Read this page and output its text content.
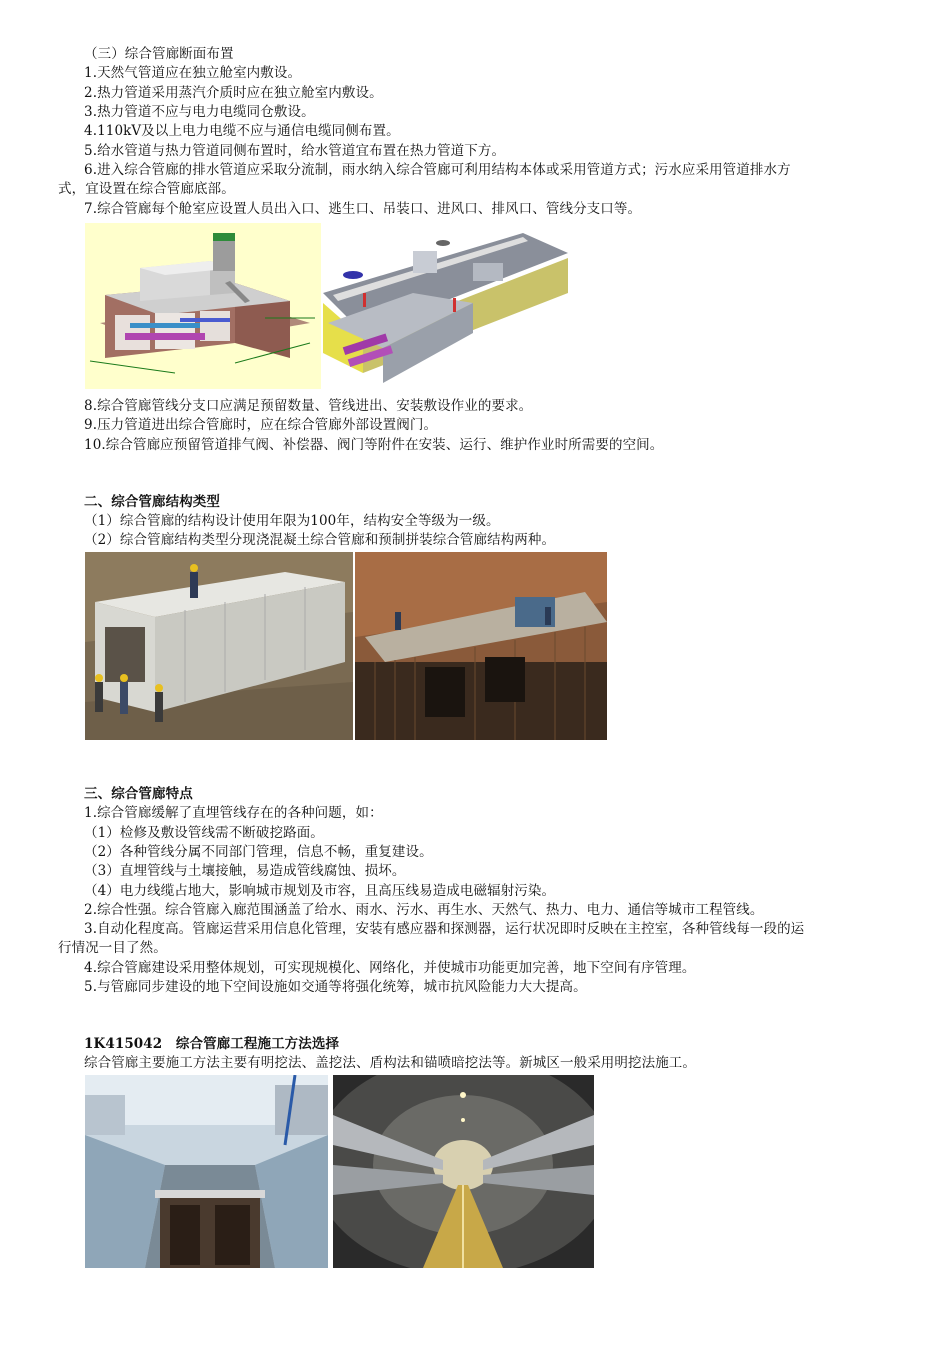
（三）综合管廊断面布置
1.天然气管道应在独立舱室内敷设。
2.热力管道采用蒸汽介质时应在独立舱室内敷设。
3.热力管道不应与电力电缆同仓敷设。
4.110kV及以上电力电缆不应与通信电缆同侧布置。
5.给水管道与热力管道同侧布置时，给水管道宜布置在热力管道下方。
6.进入综合管廊的排水管道应采取分流制，雨水纳入综合管廊可利用结构本体或采用管道方式；污水应采用管道排水方
式，宜设置在综合管廊底部。
7.综合管廊每个舱室应设置人员出入口、逃生口、吊装口、进风口、排风口、管线分支口等。
8.综合管廊管线分支口应满足预留数量、管线进出、安装敷设作业的要求。
9.压力管道进出综合管廊时，应在综合管廊外部设置阀门。
10.综合管廊应预留管道排气阀、补偿器、阀门等附件在安装、运行、维护作业时所需要的空间。
二、综合管廊结构类型
（1）综合管廊的结构设计使用年限为100年，结构安全等级为一级。
（2）综合管廊结构类型分现浇混凝土综合管廊和预制拼装综合管廊结构两种。
三、综合管廊特点
1.综合管廊缓解了直埋管线存在的各种问题，如：
（1）检修及敷设管线需不断破挖路面。
（2）各种管线分属不同部门管理，信息不畅，重复建设。
（3）直埋管线与土壤接触，易造成管线腐蚀、损坏。
（4）电力线缆占地大，影响城市规划及市容，且高压线易造成电磁辐射污染。
2.综合性强。综合管廊入廊范围涵盖了给水、雨水、污水、再生水、天然气、热力、电力、通信等城市工程管线。
3.自动化程度高。管廊运营采用信息化管理，安装有感应器和探测器，运行状况即时反映在主控室，各种管线每一段的运
行情况一目了然。
4.综合管廊建设采用整体规划，可实现规模化、网络化，并使城市功能更加完善，地下空间有序管理。
5.与管廊同步建设的地下空间设施如交通等将强化统筹，城市抗风险能力大大提高。
1K415042　综合管廊工程施工方法选择
综合管廊主要施工方法主要有明挖法、盖挖法、盾构法和锚喷暗挖法等。新城区一般采用明挖法施工。
